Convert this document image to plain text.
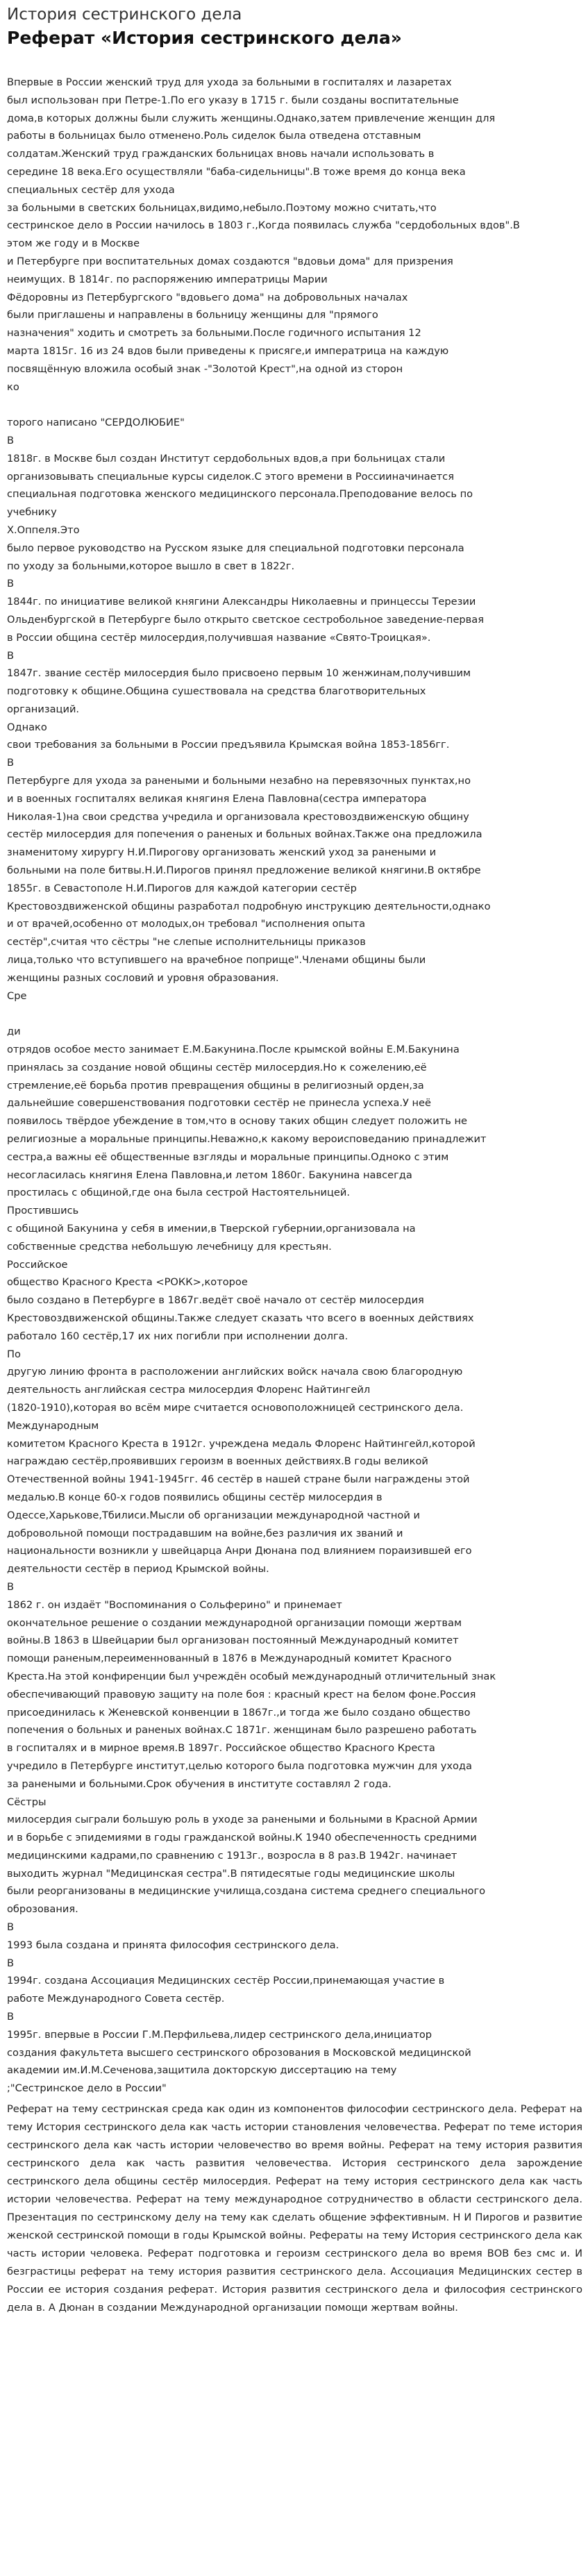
История сестринского дела
Реферат «История сестринского дела»
Впервые в России женский труд для ухода за больными в госпиталях и лазаретах
был использован при Петре-1.По его указу в 1715 г. были созданы воспитательные
дома,в которых должны были служить женщины.Однако,затем привлечение женщин для
работы в больницах было отменено.Роль сиделок была отведена отставным
солдатам.Женский труд гражданских больницах вновь начали использовать в
середине 18 века.Его осуществляли "баба-сидельницы".В тоже время до конца века
специальных сестёр для ухода
за больными в светских больницах,видимо,небыло.Поэтому можно считать,что
сестринское дело в России начилось в 1803 г.,Когда появилась служба "сердобольных вдов".В
этом же году и в Москве
и Петербурге при воспитательных домах создаются "вдовьи дома" для призрения
неимущих. В 1814г. по распоряжению императрицы Марии
Фёдоровны из Петербургского "вдовьего дома" на добровольных началах
были приглашены и направлены в больницу женщины для "прямого
назначения" ходить и смотреть за больными.После годичного испытания 12
марта 1815г. 16 из 24 вдов были приведены к присяге,и императрица на каждую
посвящённую вложила особый знак -"Золотой Крест",на одной из сторон
ко
торого написано "СЕРДОЛЮБИЕ"
В
1818г. в Москве был создан Институт сердобольных вдов,а при больницах стали
организовывать специальные курсы сиделок.С этого времени в Россииначинается
специальная подготовка женского медицинского персонала.Преподование велось по
учебнику
Х.Оппеля.Это
было первое руководство на Русском языке для специальной подготовки персонала
по уходу за больными,которое вышло в свет в 1822г.
В
1844г. по инициативе великой княгини Александры Николаевны и принцессы Терезии
Ольденбургской в Петербурге было открыто светское сестробольное заведение-первая
в России община сестёр милосердия,получившая название «Свято-Троицкая».
В
1847г. звание сестёр милосердия было присвоено первым 10 женжинам,получившим
подготовку к общине.Община сушествовала на средства благотворительных
организаций.
Однако
свои требования за больными в России предъявила Крымская война 1853-1856гг.
В
Петербурге для ухода за ранеными и больными незабно на перевязочных пунктах,но
и в военных госпиталях великая княгиня Елена Павловна(сестра императора
Николая-1)на свои средства учредила и организовала крестовоздвиженскую общину
сестёр милосердия для попечения о раненых и больных войнах.Также она предложила
знаменитому хирургу Н.И.Пирогову организовать женский уход за ранеными и
больными на поле битвы.Н.И.Пирогов принял предложение великой княгини.В октябре
1855г. в Севастополе Н.И.Пирогов для каждой категории сестёр
Крестовоздвиженской общины разработал подробную инструкцию деятельности,однако
и от врачей,особенно от молодых,он требовал "исполнения опыта
сестёр",считая что сёстры "не слепые исполнительницы приказов
лица,только что вступившего на врачебное поприще".Членами общины были
женщины разных сословий и уровня образования.
Сре
ди
отрядов особое место занимает Е.М.Бакунина.После крымской войны Е.М.Бакунина
принялась за создание новой общины сестёр милосердия.Но к сожелению,её
стремление,её борьба против превращения общины в религиозный орден,за
дальнейшие совершенствования подготовки сестёр не принесла успеха.У неё
появилось твёрдое убеждение в том,что в основу таких общин следует положить не
религиозные а моральные принципы.Неважно,к какому вероисповеданию принадлежит
сестра,а важны её общественные взгляды и моральные принципы.Одноко с этим
несогласилась княгиня Елена Павловна,и летом 1860г. Бакунина навсегда
простилась с общиной,где она была сестрой Настоятельницей.
Простившись
с общиной Бакунина у себя в имении,в Тверской губернии,организовала на
собственные средства небольшую лечебницу для крестьян.
Российское
общество Красного Креста <РОКК>,которое
было создано в Петербурге в 1867г.ведёт своё начало от сестёр милосердия
Крестовоздвиженской общины.Также следует сказать что всего в военных действиях
работало 160 сестёр,17 их них погибли при исполнении долга.
По
другую линию фронта в расположении английских войск начала свою благородную
деятельность английская сестра милосердия Флоренс Найтингейл
(1820-1910),которая во всём мире считается основоположницей сестринского дела.
Международным
комитетом Красного Креста в 1912г. учреждена медаль Флоренс Найтингейл,которой
награждаю сестёр,проявивших героизм в военных действиях.В годы великой
Отечественной войны 1941-1945гг. 46 сестёр в нашей стране были награждены этой
медалью.В конце 60-х годов появились общины сестёр милосердия в
Одессе,Харькове,Тбилиси.Мысли об организации международной частной и
добровольной помощи пострадавшим на войне,без различия их званий и
национальности возникли у швейцарца Анри Дюнана под влиянием пораизившей его
деятельности сестёр в период Крымской войны.
В
1862 г. он издаёт "Воспоминания о Сольферино" и принемает
окончательное решение о создании международной организации помощи жертвам
войны.В 1863 в Швейцарии был организован постоянный Международный комитет
помощи раненым,переименнованный в 1876 в Международный комитет Красного
Креста.На этой конфиренции был учреждён особый международный отличительный знак
обеспечивающий правовую защиту на поле боя : красный крест на белом фоне.Россия
присоединилась к Женевской конвенции в 1867г.,и тогда же было создано общество
попечения о больных и раненых войнах.С 1871г. женщинам было разрешено работать
в госпиталях и в мирное время.В 1897г. Российское общество Красного Креста
учредило в Петербурге институт,целью которого была подготовка мужчин для ухода
за ранеными и больными.Срок обучения в институте составлял 2 года.
Сёстры
милосердия сыграли большую роль в уходе за ранеными и больными в Красной Армии
и в борьбе с эпидемиями в годы гражданской войны.К 1940 обеспеченность средними
медицинскими кадрами,по сравнению с 1913г., возросла в 8 раз.В 1942г. начинает
выходить журнал "Медицинская сестра".В пятидесятые годы медицинские школы
были реорганизованы в медицинские училища,создана система среднего специального
оброзования.
В
1993 была создана и принята философия сестринского дела.
В
1994г. создана Ассоциация Медицинских сестёр России,принемающая участие в
работе Международного Совета сестёр.
В
1995г. впервые в России Г.М.Перфильева,лидер сестринского дела,инициатор
создания факультета высшего сестринского оброзования в Московской медицинской
академии им.И.М.Сеченова,защитила докторскую диссертацию на тему
;"Сестринское дело в России"
Реферат на тему сестринская среда как один из компонентов философии сестринского дела. Реферат на тему История сестринского дела как часть истории становления человечества. Реферат по теме история сестринского дела как часть истории человечество во время войны. Реферат на тему история развития сестринского дела как часть развития человечества. История сестринского дела зарождение сестринского дела общины сестёр милосердия. Реферат на тему история сестринского дела как часть истории человечества. Реферат на тему международное сотрудничество в области сестринского дела. Презентация по сестринскому делу на тему как сделать общение эффективным. Н И Пирогов и развитие женской сестринской помощи в годы Крымской войны. Рефераты на тему История сестринского дела как часть истории человека. Реферат подготовка и героизм сестринского дела во время ВОВ без смс и. И безграстицы реферат на тему история развития сестринского дела. Ассоциация Медицинских сестер в России ее история создания реферат. История развития сестринского дела и философия сестринского дела в. А Дюнан в создании Международной организации помощи жертвам войны.
